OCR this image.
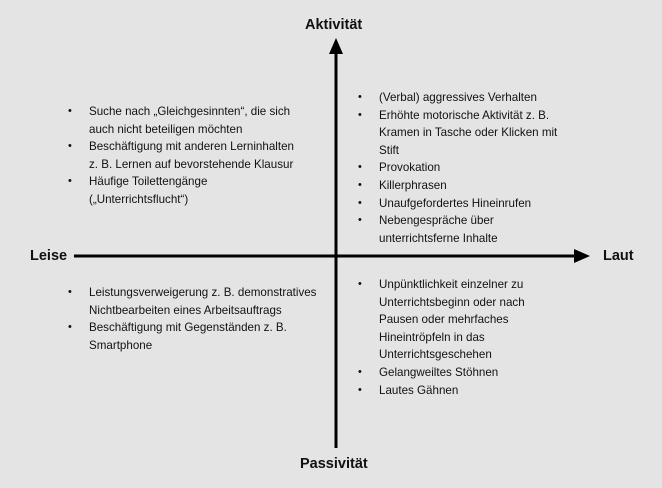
Aktivität
Passivität
Leise	Laut
• Suche nach „Gleichgesinnten“, die sich auch nicht beteiligen möchten
• Beschäftigung mit anderen Lerninhalten z. B. Lernen auf bevorstehende Klausur
• Häufige Toilettengänge („Unterrichtsflucht“)
• (Verbal) aggressives Verhalten
• Erhöhte motorische Aktivität z. B. Kramen in Tasche oder Klicken mit Stift
• Provokation
• Killerphrasen
• Unaufgefordertes Hineinrufen
• Nebengespräche über unterrichtsferne Inhalte
• Leistungsverweigerung z. B. demonstratives Nichtbearbeiten eines Arbeitsauftrags
• Beschäftigung mit Gegenständen z. B. Smartphone
• Unpünktlichkeit einzelner zu Unterrichtsbeginn oder nach Pausen oder mehrfaches Hineintröpfeln in das Unterrichtsgeschehen
• Gelangweiltes Stöhnen
• Lautes Gähnen
